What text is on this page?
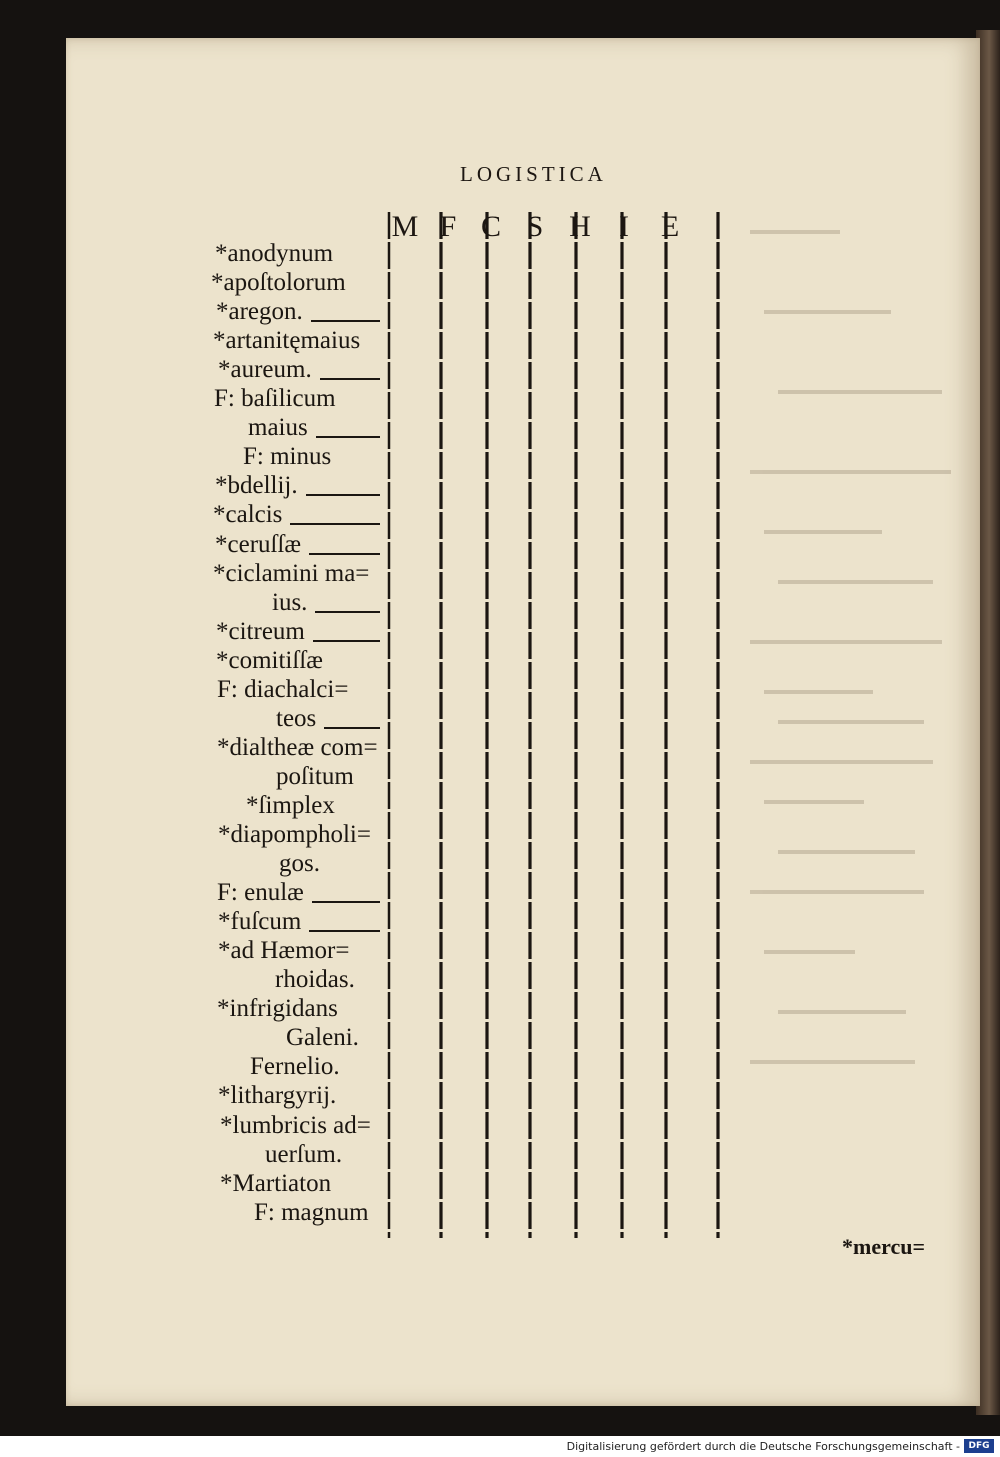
LOGISTICA
M F C S H I	E
*anodynum
*apoſtolorum
*aregon.
*artanitęmaius
*aureum.
F: baſilicum
maius
F: minus
*bdellij.
*calcis
*ceruſſæ
*ciclamini ma=
ius.
*citreum
*comitiſſæ
F: diachalci=
teos
*dialtheæ com=
poſitum
*ſimplex
*diapompholi=
gos.
F: enulæ
*fuſcum
*ad Hæmor=
rhoidas.
*infrigidans
Galeni.
Fernelio.
*lithargyrij.
*lumbricis ad=
uerſum.
*Martiaton
F: magnum
*mercu=
Digitalisierung gefördert durch die Deutsche Forschungsgemeinschaft - DFG
